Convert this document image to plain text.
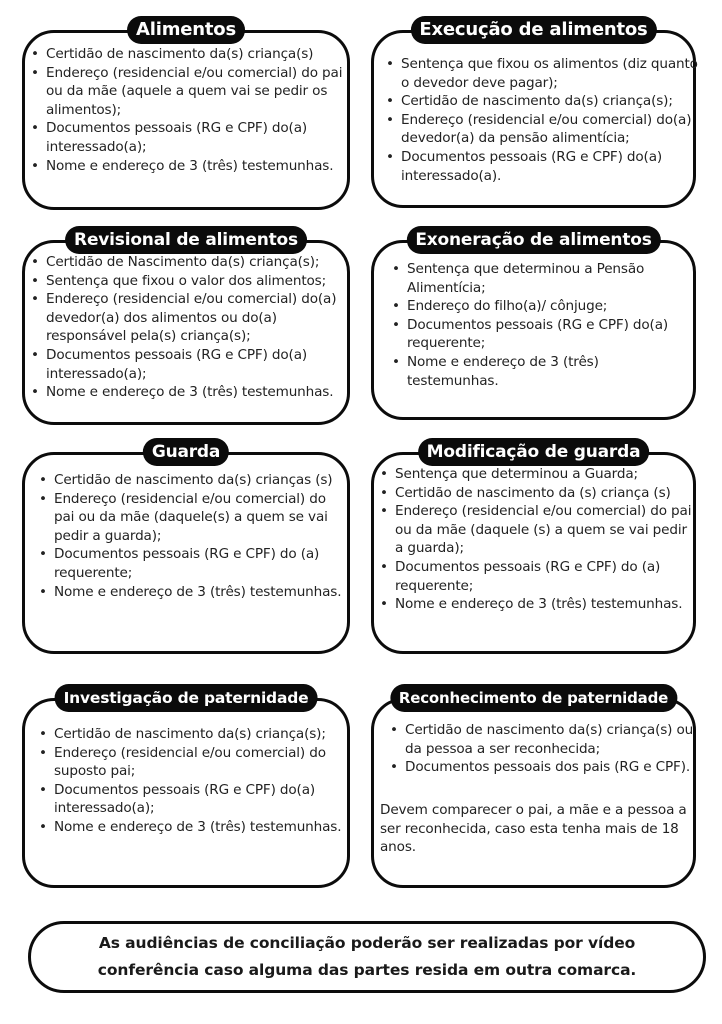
Alimentos
• Certidão de nascimento da(s) criança(s)
• Endereço (residencial e/ou comercial) do pai ou da mãe (aquele a quem vai se pedir os alimentos);
• Documentos pessoais (RG e CPF) do(a) interessado(a);
• Nome e endereço de 3 (três) testemunhas.
Execução de alimentos
• Sentença que fixou os alimentos (diz quanto o devedor deve pagar);
• Certidão de nascimento da(s) criança(s);
• Endereço (residencial e/ou comercial) do(a) devedor(a) da pensão alimentícia;
• Documentos pessoais (RG e CPF) do(a) interessado(a).
Revisional de alimentos
• Certidão de Nascimento da(s) criança(s);
• Sentença que fixou o valor dos alimentos;
• Endereço (residencial e/ou comercial) do(a) devedor(a) dos alimentos ou do(a) responsável pela(s) criança(s);
• Documentos pessoais (RG e CPF) do(a) interessado(a);
• Nome e endereço de 3 (três) testemunhas.
Exoneração de alimentos
• Sentença que determinou a Pensão Alimentícia;
• Endereço do filho(a)/ cônjuge;
• Documentos pessoais (RG e CPF) do(a) requerente;
• Nome e endereço de 3 (três) testemunhas.
Guarda
• Certidão de nascimento da(s) crianças (s)
• Endereço (residencial e/ou comercial) do pai ou da mãe (daquele(s) a quem se vai pedir a guarda);
• Documentos pessoais (RG e CPF) do (a) requerente;
• Nome e endereço de 3 (três) testemunhas.
Modificação de guarda
• Sentença que determinou a Guarda;
• Certidão de nascimento da (s) criança (s)
• Endereço (residencial e/ou comercial) do pai ou da mãe (daquele (s) a quem se vai pedir a guarda);
• Documentos pessoais (RG e CPF) do (a) requerente;
• Nome e endereço de 3 (três) testemunhas.
Investigação de paternidade
• Certidão de nascimento da(s) criança(s);
• Endereço (residencial e/ou comercial) do suposto pai;
• Documentos pessoais (RG e CPF) do(a) interessado(a);
• Nome e endereço de 3 (três) testemunhas.
Reconhecimento de paternidade
• Certidão de nascimento da(s) criança(s) ou da pessoa a ser reconhecida;
• Documentos pessoais dos pais (RG e CPF).
Devem comparecer o pai, a mãe e a pessoa a ser reconhecida, caso esta tenha mais de 18 anos.
As audiências de conciliação poderão ser realizadas por vídeo conferência caso alguma das partes resida em outra comarca.
